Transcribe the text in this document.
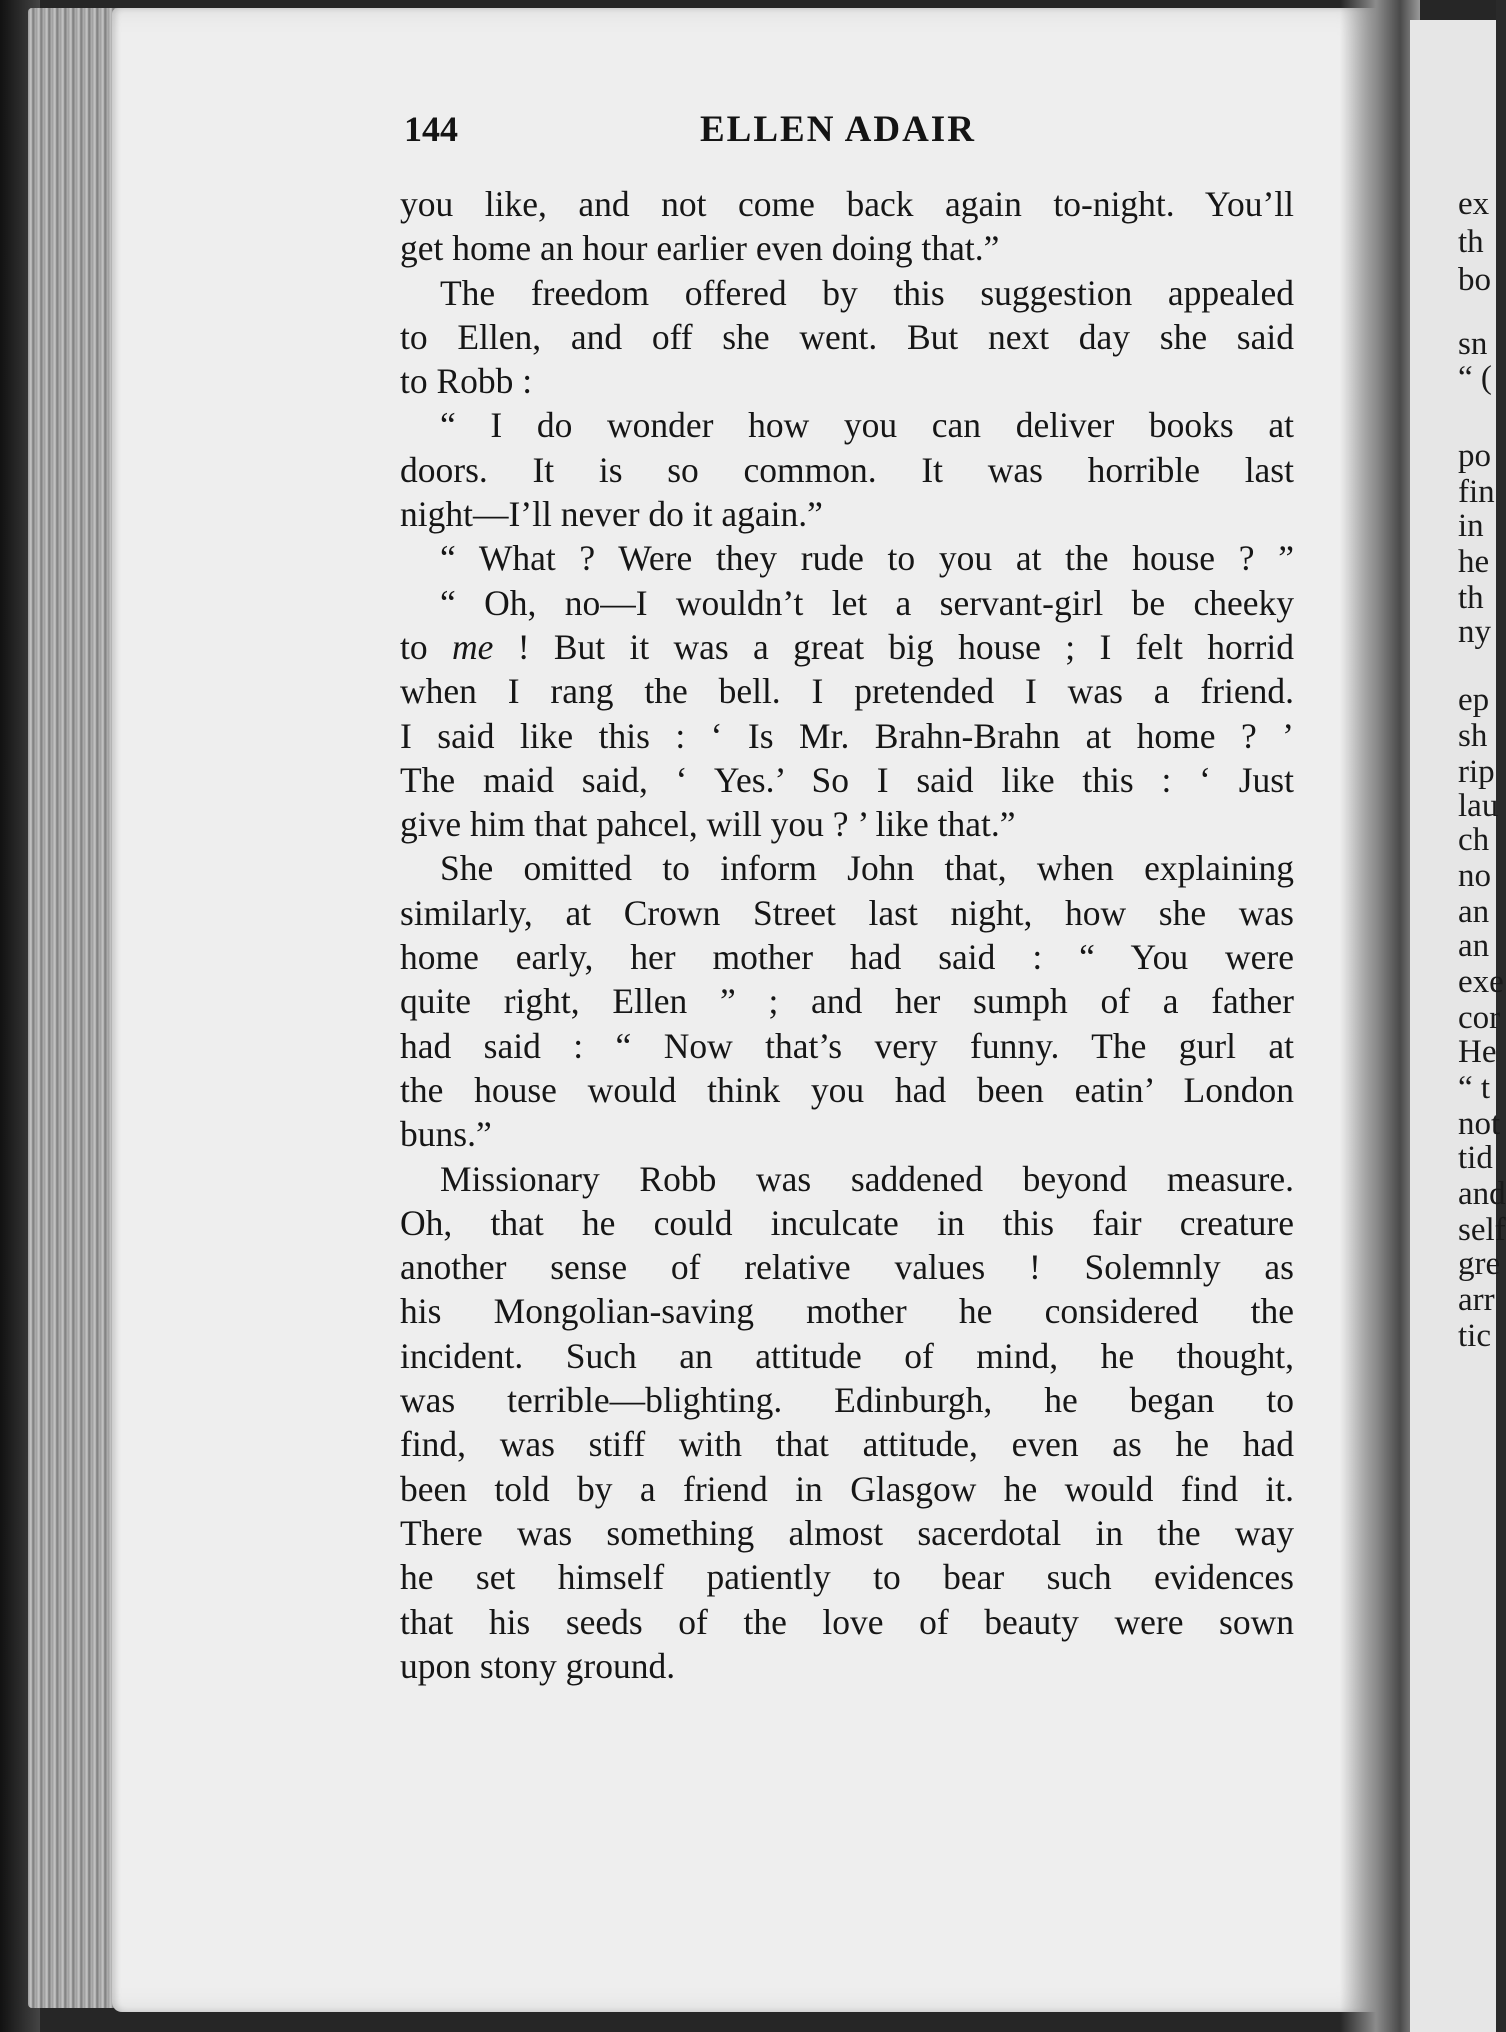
144	ELLEN ADAIR
you like, and not come back again to-night. You’ll
get home an hour earlier even doing that.”
The freedom offered by this suggestion appealed
to Ellen, and off she went. But next day she said
to Robb :
“ I do wonder how you can deliver books at
doors. It is so common. It was horrible last
night—I’ll never do it again.”
“ What ? Were they rude to you at the house ? ”
“ Oh, no—I wouldn’t let a servant-girl be cheeky
to me ! But it was a great big house ; I felt horrid
when I rang the bell. I pretended I was a friend.
I said like this : ‘ Is Mr. Brahn-Brahn at home ? ’
The maid said, ‘ Yes.’ So I said like this : ‘ Just
give him that pahcel, will you ? ’ like that.”
She omitted to inform John that, when explaining
similarly, at Crown Street last night, how she was
home early, her mother had said : “ You were
quite right, Ellen ” ; and her sumph of a father
had said : “ Now that’s very funny. The gurl at
the house would think you had been eatin’ London
buns.”
Missionary Robb was saddened beyond measure.
Oh, that he could inculcate in this fair creature
another sense of relative values ! Solemnly as
his Mongolian-saving mother he considered the
incident. Such an attitude of mind, he thought,
was terrible—blighting. Edinburgh, he began to
find, was stiff with that attitude, even as he had
been told by a friend in Glasgow he would find it.
There was something almost sacerdotal in the way
he set himself patiently to bear such evidences
that his seeds of the love of beauty were sown
upon stony ground.
ex
th
bo
sn
“ (
po
fin
in
he
th
ny
ep
sh
rip
lau
ch
no
an
an
exe
cor
He
“ t
not
tid
and
self
gre
arr
tic
